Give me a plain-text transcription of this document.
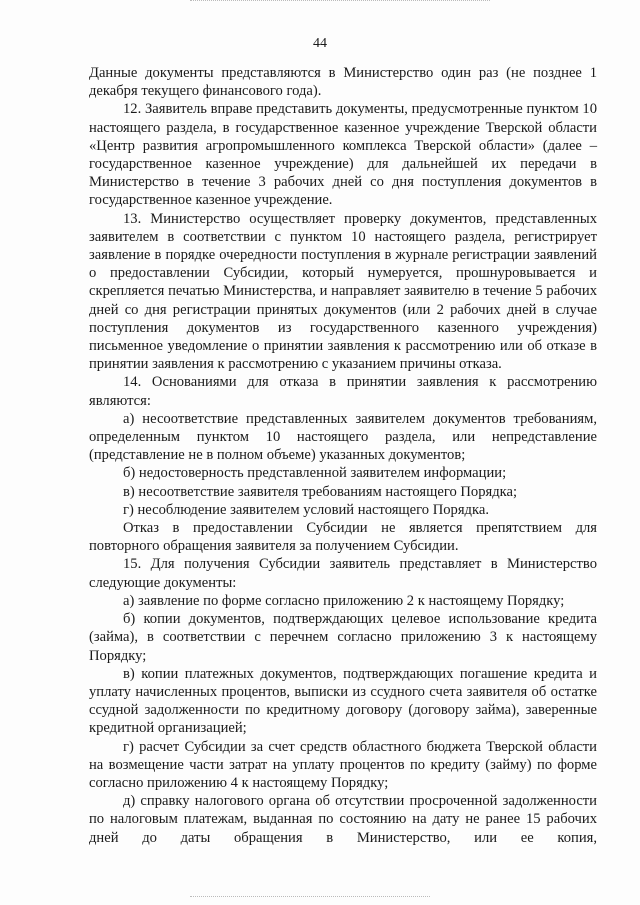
44

Данные документы представляются в Министерство один раз (не позднее 1 декабря текущего финансового года).

12. Заявитель вправе представить документы, предусмотренные пунктом 10 настоящего раздела, в государственное казенное учреждение Тверской области «Центр развития агропромышленного комплекса Тверской области» (далее – государственное казенное учреждение) для дальнейшей их передачи в Министерство в течение 3 рабочих дней со дня поступления документов в государственное казенное учреждение.

13. Министерство осуществляет проверку документов, представленных заявителем в соответствии с пунктом 10 настоящего раздела, регистрирует заявление в порядке очередности поступления в журнале регистрации заявлений о предоставлении Субсидии, который нумеруется, прошнуровывается и скрепляется печатью Министерства, и направляет заявителю в течение 5 рабочих дней со дня регистрации принятых документов (или 2 рабочих дней в случае поступления документов из государственного казенного учреждения) письменное уведомление о принятии заявления к рассмотрению или об отказе в принятии заявления к рассмотрению с указанием причины отказа.

14. Основаниями для отказа в принятии заявления к рассмотрению являются:

а) несоответствие представленных заявителем документов требованиям, определенным пунктом 10 настоящего раздела, или непредставление (представление не в полном объеме) указанных документов;

б) недостоверность представленной заявителем информации;

в) несоответствие заявителя требованиям настоящего Порядка;

г) несоблюдение заявителем условий настоящего Порядка.

Отказ в предоставлении Субсидии не является препятствием для повторного обращения заявителя за получением Субсидии.

15. Для получения Субсидии заявитель представляет в Министерство следующие документы:

а) заявление по форме согласно приложению 2 к настоящему Порядку;

б) копии документов, подтверждающих целевое использование кредита (займа), в соответствии с перечнем согласно приложению 3 к настоящему Порядку;

в) копии платежных документов, подтверждающих погашение кредита и уплату начисленных процентов, выписки из ссудного счета заявителя об остатке ссудной задолженности по кредитному договору (договору займа), заверенные кредитной организацией;

г) расчет Субсидии за счет средств областного бюджета Тверской области на возмещение части затрат на уплату процентов по кредиту (займу) по форме согласно приложению 4 к настоящему Порядку;

д) справку налогового органа об отсутствии просроченной задолженности по налоговым платежам, выданная по состоянию на дату не ранее 15 рабочих дней до даты обращения в Министерство, или ее копия,
